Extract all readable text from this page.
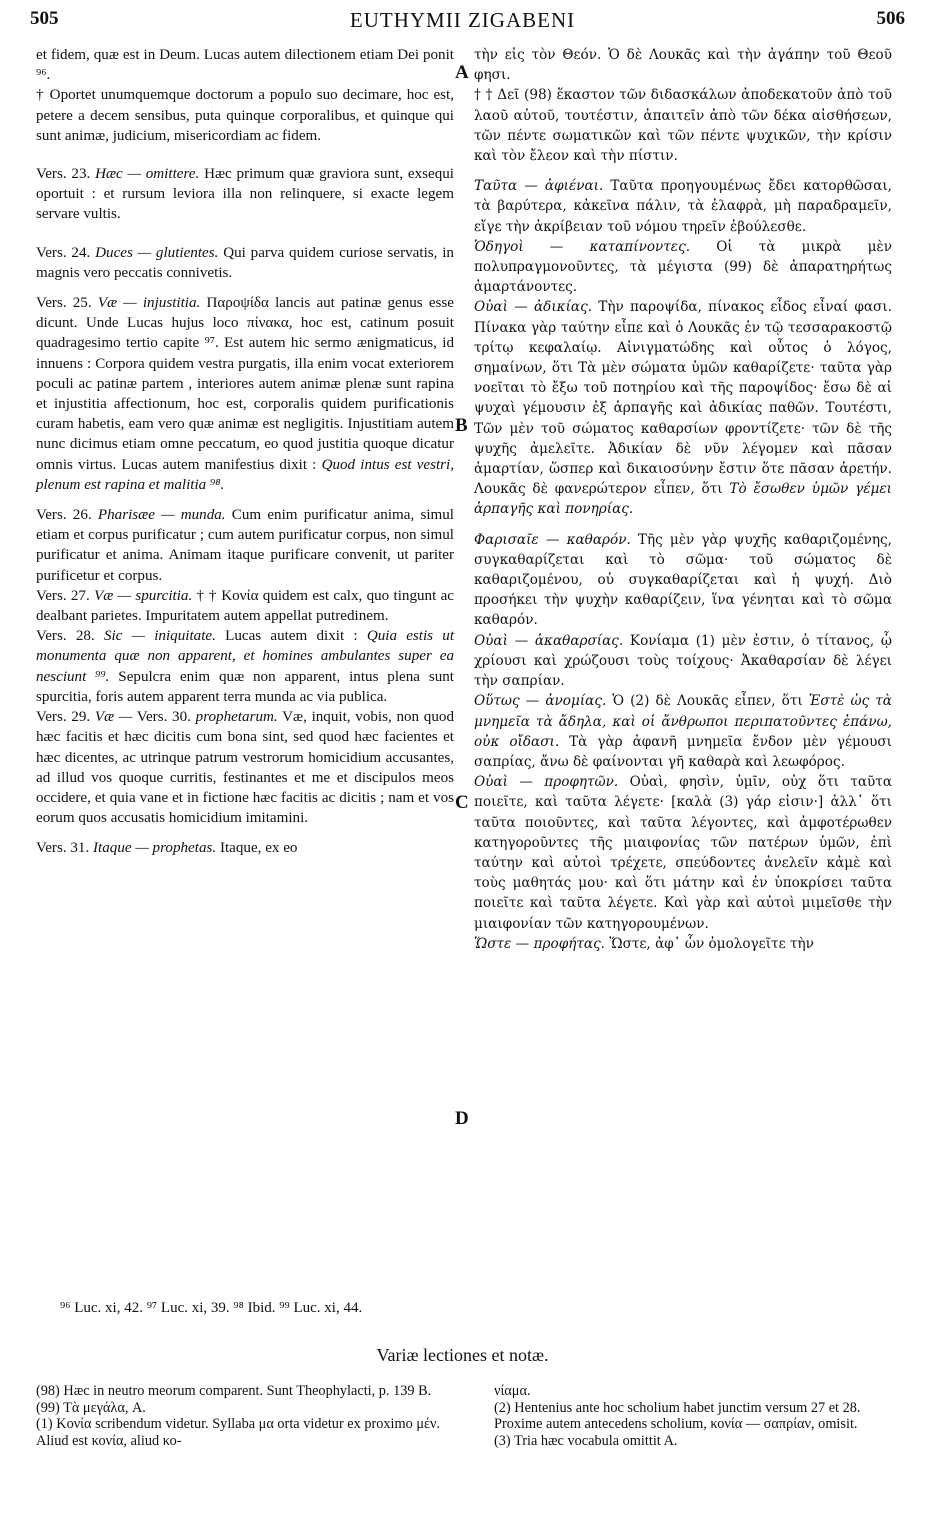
505	EUTHYMII ZIGABENI	506
A
B
C
D

et fidem, quæ est in Deum. Lucas autem dilectionem etiam Dei ponit ⁹⁶.

† Oportet unumquemque doctorum a populo suo decimare, hoc est, petere a decem sensibus, puta quinque corporalibus, et quinque qui sunt animæ, judicium, misericordiam ac fidem.

Vers. 23. Hæc — omittere. Hæc primum quæ graviora sunt, exsequi oportuit : et rursum leviora illa non relinquere, si exacte legem servare vultis.

Vers. 24. Duces — glutientes. Qui parva quidem curiose servatis, in magnis vero peccatis connivetis.

Vers. 25. Væ — injustitia. Παροψίδα lancis aut patinæ genus esse dicunt. Unde Lucas hujus loco πίνακα, hoc est, catinum posuit quadragesimo tertio capite ⁹⁷. Est autem hic sermo ænigmaticus, id innuens : Corpora quidem vestra purgatis, illa enim vocat exteriorem poculi ac patinæ partem , interiores autem animæ plenæ sunt rapina et injustitia affectionum, hoc est, corporalis quidem purificationis curam habetis, eam vero quæ animæ est negligitis. Injustitiam autem nunc dicimus etiam omne peccatum, eo quod justitia quoque dicatur omnis virtus. Lucas autem manifestius dixit : Quod intus est vestri, plenum est rapina et malitia ⁹⁸.

Vers. 26. Pharisæe — munda. Cum enim purificatur anima, simul etiam et corpus purificatur ; cum autem purificatur corpus, non simul purificatur et anima. Animam itaque purificare convenit, ut pariter purificetur et corpus.

Vers. 27. Væ — spurcitia. † † Κονία quidem est calx, quo tingunt ac dealbant parietes. Impuritatem autem appellat putredinem.

Vers. 28. Sic — iniquitate. Lucas autem dixit : Quia estis ut monumenta quæ non apparent, et homines ambulantes super ea nesciunt ⁹⁹. Sepulcra enim quæ non apparent, intus plena sunt spurcitia, foris autem apparent terra munda ac via publica.

Vers. 29. Væ — Vers. 30. prophetarum. Væ, inquit, vobis, non quod hæc facitis et hæc dicitis cum bona sint, sed quod hæc facientes et hæc dicentes, ac utrinque patrum vestrorum homicidium accusantes, ad illud vos quoque curritis, festinantes et me et discipulos meos occidere, et quia vane et in fictione hæc facitis ac dicitis ; nam et vos eorum quos accusatis homicidium imitamini.

Vers. 31. Itaque — prophetas. Itaque, ex eo

τὴν εἰς τὸν Θεόν. Ὁ δὲ Λουκᾶς καὶ τὴν ἀγάπην τοῦ Θεοῦ φησι.

† † Δεῖ (98) ἕκαστον τῶν διδασκάλων ἀποδεκατοῦν ἀπὸ τοῦ λαοῦ αὐτοῦ, τουτέστιν, ἀπαιτεῖν ἀπὸ τῶν δέκα αἰσθήσεων, τῶν πέντε σωματικῶν καὶ τῶν πέντε ψυχικῶν, τὴν κρίσιν καὶ τὸν ἔλεον καὶ τὴν πίστιν.

Ταῦτα — ἀφιέναι. Ταῦτα προηγουμένως ἔδει κατορθῶσαι, τὰ βαρύτερα, κἀκεῖνα πάλιν, τὰ ἐλαφρὰ, μὴ παραδραμεῖν, εἴγε τὴν ἀκρίβειαν τοῦ νόμου τηρεῖν ἐβούλεσθε.

Ὁδηγοὶ — καταπίνοντες. Οἱ τὰ μικρὰ μὲν πολυπραγμονοῦντες, τὰ μέγιστα (99) δὲ ἀπαρατηρήτως ἁμαρτάνοντες.

Οὐαὶ — ἀδικίας. Τὴν παροψίδα, πίνακος εἶδος εἶναί φασι. Πίνακα γὰρ ταύτην εἶπε καὶ ὁ Λουκᾶς ἐν τῷ τεσσαρακοστῷ τρίτῳ κεφαλαίῳ. Αἰνιγματώδης καὶ οὗτος ὁ λόγος, σημαίνων, ὅτι Τὰ μὲν σώματα ὑμῶν καθαρίζετε· ταῦτα γὰρ νοεῖται τὸ ἔξω τοῦ ποτηρίου καὶ τῆς παροψίδος· ἔσω δὲ αἱ ψυχαὶ γέμουσιν ἐξ ἁρπαγῆς καὶ ἀδικίας παθῶν. Τουτέστι, Τῶν μὲν τοῦ σώματος καθαρσίων φροντίζετε· τῶν δὲ τῆς ψυχῆς ἀμελεῖτε. Ἀδικίαν δὲ νῦν λέγομεν καὶ πᾶσαν ἁμαρτίαν, ὥσπερ καὶ δικαιοσύνην ἔστιν ὅτε πᾶσαν ἀρετήν. Λουκᾶς δὲ φανερώτερον εἶπεν, ὅτι Τὸ ἔσωθεν ὑμῶν γέμει ἁρπαγῆς καὶ πονηρίας.

Φαρισαῖε — καθαρόν. Τῆς μὲν γὰρ ψυχῆς καθαριζομένης, συγκαθαρίζεται καὶ τὸ σῶμα· τοῦ σώματος δὲ καθαριζομένου, οὐ συγκαθαρίζεται καὶ ἡ ψυχή. Διὸ προσήκει τὴν ψυχὴν καθαρίζειν, ἵνα γένηται καὶ τὸ σῶμα καθαρόν.

Οὐαὶ — ἀκαθαρσίας. Κονίαμα (1) μὲν ἐστιν, ὁ τίτανος, ᾧ χρίουσι καὶ χρώζουσι τοὺς τοίχους· Ἀκαθαρσίαν δὲ λέγει τὴν σαπρίαν.

Οὕτως — ἀνομίας. Ὁ (2) δὲ Λουκᾶς εἶπεν, ὅτι Ἐστὲ ὡς τὰ μνημεῖα τὰ ἄδηλα, καὶ οἱ ἄνθρωποι περιπατοῦντες ἐπάνω, οὐκ οἴδασι. Τὰ γὰρ ἀφανῆ μνημεῖα ἔνδον μὲν γέμουσι σαπρίας, ἄνω δὲ φαίνονται γῆ καθαρὰ καὶ λεωφόρος.

Οὐαὶ — προφητῶν. Οὐαὶ, φησὶν, ὑμῖν, οὐχ ὅτι ταῦτα ποιεῖτε, καὶ ταῦτα λέγετε· [καλὰ (3) γάρ εἰσιν·] ἀλλ᾽ ὅτι ταῦτα ποιοῦντες, καὶ ταῦτα λέγοντες, καὶ ἀμφοτέρωθεν κατηγοροῦντες τῆς μιαιφονίας τῶν πατέρων ὑμῶν, ἐπὶ ταύτην καὶ αὐτοὶ τρέχετε, σπεύδοντες ἀνελεῖν κἀμὲ καὶ τοὺς μαθητάς μου· καὶ ὅτι μάτην καὶ ἐν ὑποκρίσει ταῦτα ποιεῖτε καὶ ταῦτα λέγετε. Καὶ γὰρ καὶ αὐτοὶ μιμεῖσθε τὴν μιαιφονίαν τῶν κατηγορουμένων.

Ὥστε — προφήτας. Ὥστε, ἀφ᾽ ὧν ὁμολογεῖτε τὴν

⁹⁶ Luc. xi, 42. ⁹⁷ Luc. xi, 39. ⁹⁸ Ibid. ⁹⁹ Luc. xi, 44.
Variæ lectiones et notæ.

(98) Hæc in neutro meorum comparent. Sunt Theophylacti, p. 139 B.

(99) Τὰ μεγάλα, A.

(1) Κονία scribendum videtur. Syllaba μα orta videtur ex proximo μέν. Aliud est κονία, aliud κο-

νίαμα.

(2) Hentenius ante hoc scholium habet junctim versum 27 et 28. Proxime autem antecedens scholium, κονία — σαπρίαν, omisit.

(3) Tria hæc vocabula omittit A.
